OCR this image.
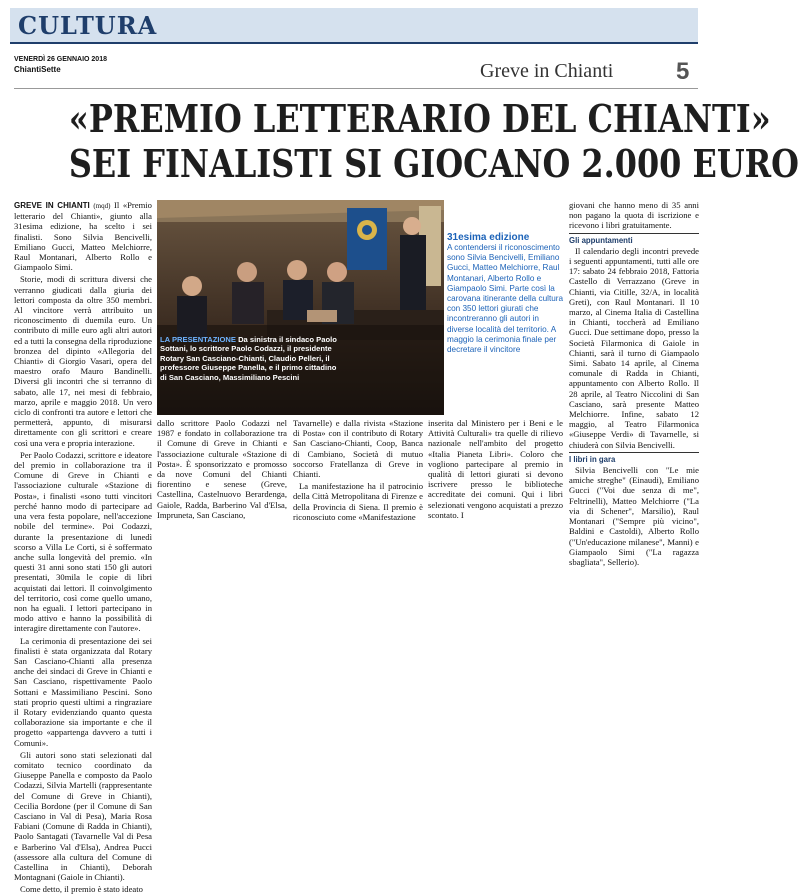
CULTURA
VENERDÌ 26 GENNAIO 2018
ChiantiSette	Greve in Chianti	5
«PREMIO LETTERARIO DEL CHIANTI»
SEI FINALISTI SI GIOCANO 2.000 EURO

GREVE IN CHIANTI (mqd) Il «Premio letterario del Chianti», giunto alla 31esima edizione, ha scelto i sei finalisti. Sono Silvia Bencivelli, Emiliano Gucci, Matteo Melchiorre, Raul Montanari, Alberto Rollo e Giampaolo Simi.

Storie, modi di scrittura diversi che verranno giudicati dalla giuria dei lettori composta da oltre 350 membri. Al vincitore verrà attribuito un riconoscimento di duemila euro. Un contributo di mille euro agli altri autori ed a tutti la consegna della riproduzione bronzea del dipinto «Allegoria del Chianti» di Giorgio Vasari, opera del maestro orafo Mauro Bandinelli. Diversi gli incontri che si terranno di sabato, alle 17, nei mesi di febbraio, marzo, aprile e maggio 2018. Un vero ciclo di confronti tra autore e lettori che permetterà, appunto, di misurarsi direttamente con gli scrittori e creare così una vera e propria interazione.

Per Paolo Codazzi, scrittore e ideatore del premio in collaborazione tra il Comune di Greve in Chianti e l'associazione culturale «Stazione di Posta», i finalisti «sono tutti vincitori perché hanno modo di partecipare ad una vera festa popolare, nell'accezione nobile del termine». Poi Codazzi, durante la presentazione di lunedì scorso a Villa Le Corti, si è soffermato anche sulla longevità del premio. «In questi 31 anni sono stati 150 gli autori presentati, 30mila le copie di libri acquistati dai lettori. Il coinvolgimento del territorio, così come quello umano, non ha eguali. I lettori partecipano in modo attivo e hanno la possibilità di interagire direttamente con l'autore».

La cerimonia di presentazione dei sei finalisti è stata organizzata dal Rotary San Casciano-Chianti alla presenza anche dei sindaci di Greve in Chianti e San Casciano, rispettivamente Paolo Sottani e Massimiliano Pescini. Sono stati proprio questi ultimi a ringraziare il Rotary evidenziando quanto questa collaborazione sia importante e che il progetto «appartenga davvero a tutti i Comuni».

Gli autori sono stati selezionati dal comitato tecnico coordinato da Giuseppe Panella e composto da Paolo Codazzi, Silvia Martelli (rappresentante del Comune di Greve in Chianti), Cecilia Bordone (per il Comune di San Casciano in Val di Pesa), Maria Rosa Fabiani (Comune di Radda in Chianti), Paolo Santagati (Tavarnelle Val di Pesa e Barberino Val d'Elsa), Andrea Pucci (assessore alla cultura del Comune di Castellina in Chianti), Deborah Montagnani (Gaiole in Chianti).

Come detto, il premio è stato ideato

LA PRESENTAZIONE Da sinistra il sindaco Paolo Sottani, lo scrittore Paolo Codazzi, il presidente Rotary San Casciano-Chianti, Claudio Pelleri, il professore Giuseppe Panella, e il primo cittadino di San Casciano, Massimiliano Pescini
31esima edizione
A contendersi il riconoscimento sono Silvia Bencivelli, Emiliano Gucci, Matteo Melchiorre, Raul Montanari, Alberto Rollo e Giampaolo Simi. Parte così la carovana itinerante della cultura con 350 lettori giurati che incontreranno gli autori in diverse località del territorio. A maggio la cerimonia finale per decretare il vincitore

dallo scrittore Paolo Codazzi nel 1987 e fondato in collaborazione tra il Comune di Greve in Chianti e l'associazione culturale «Stazione di Posta». È sponsorizzato e promosso da nove Comuni del Chianti fiorentino e senese (Greve, Castellina, Castelnuovo Berardenga, Gaiole, Radda, Barberino Val d'Elsa, Impruneta, San Casciano,

Tavarnelle) e dalla rivista «Stazione di Posta» con il contributo di Rotary San Casciano-Chianti, Coop, Banca di Cambiano, Società di mutuo soccorso Fratellanza di Greve in Chianti.

La manifestazione ha il patrocinio della Città Metropolitana di Firenze e della Provincia di Siena. Il premio è riconosciuto come «Manifestazione

inserita dal Ministero per i Beni e le Attività Culturali» tra quelle di rilievo nazionale nell'ambito del progetto «Italia Pianeta Libri». Coloro che vogliono partecipare al premio in qualità di lettori giurati si devono iscrivere presso le biblioteche accreditate dei comuni. Qui i libri selezionati vengono acquistati a prezzo scontato. I

giovani che hanno meno di 35 anni non pagano la quota di iscrizione e ricevono i libri gratuitamente.

Gli appuntamenti

Il calendario degli incontri prevede i seguenti appuntamenti, tutti alle ore 17: sabato 24 febbraio 2018, Fattoria Castello di Verrazzano (Greve in Chianti, via Citille, 32/A, in località Greti), con Raul Montanari. Il 10 marzo, al Cinema Italia di Castellina in Chianti, toccherà ad Emiliano Gucci. Due settimane dopo, presso la Società Filarmonica di Gaiole in Chianti, sarà il turno di Giampaolo Simi. Sabato 14 aprile, al Cinema comunale di Radda in Chianti, appuntamento con Alberto Rollo. Il 28 aprile, al Teatro Niccolini di San Casciano, sarà presente Matteo Melchiorre. Infine, sabato 12 maggio, al Teatro Filarmonica «Giuseppe Verdi» di Tavarnelle, si chiuderà con Silvia Bencivelli.

I libri in gara

Silvia Bencivelli con "Le mie amiche streghe" (Einaudi), Emiliano Gucci ("Voi due senza di me", Feltrinelli), Matteo Melchiorre ("La via di Schener", Marsilio), Raul Montanari ("Sempre più vicino", Baldini e Castoldi), Alberto Rollo ("Un'educazione milanese", Manni) e Giampaolo Simi ("La ragazza sbagliata", Sellerio).
